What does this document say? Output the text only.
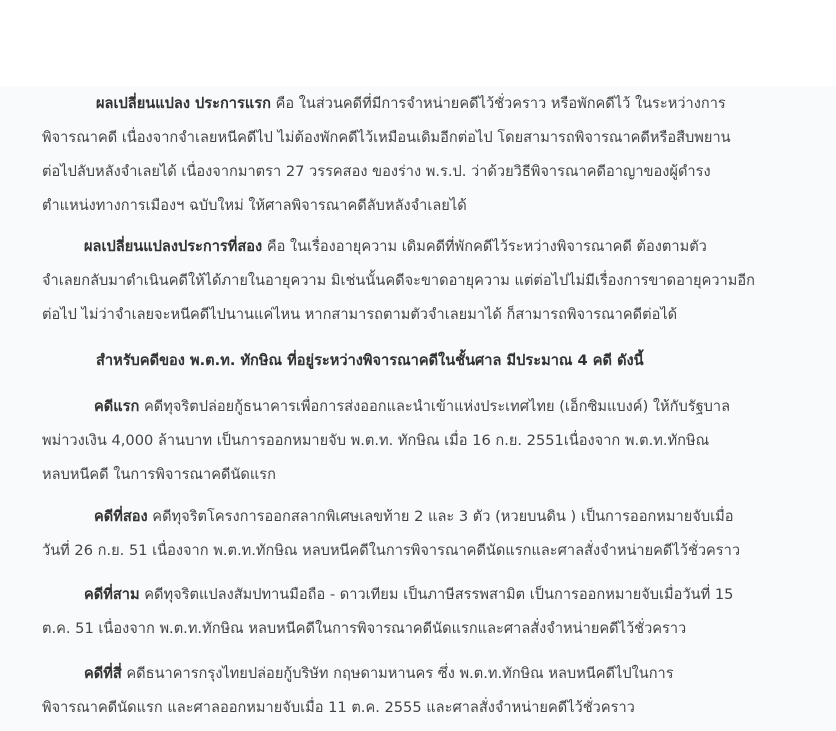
ผลเปลี่ยนแปลง ประการแรก คือ ในส่วนคดีที่มีการจำหน่ายคดีไว้ชั่วคราว หรือพักคดีไว้ ในระหว่างการ
พิจารณาคดี เนื่องจากจำเลยหนีคดีไป ไม่ต้องพักคดีไว้เหมือนเดิมอีกต่อไป โดยสามารถพิจารณาคดีหรือสืบพยาน
ต่อไปลับหลังจำเลยได้ เนื่องจากมาตรา 27 วรรคสอง ของร่าง พ.ร.ป. ว่าด้วยวิธีพิจารณาคดีอาญาของผู้ดำรง
ตำแหน่งทางการเมืองฯ ฉบับใหม่ ให้ศาลพิจารณาคดีลับหลังจำเลยได้
ผลเปลี่ยนแปลงประการที่สอง คือ ในเรื่องอายุความ เดิมคดีที่พักคดีไว้ระหว่างพิจารณาคดี ต้องตามตัว
จำเลยกลับมาดำเนินคดีให้ได้ภายในอายุความ มิเช่นนั้นคดีจะขาดอายุความ แต่ต่อไปไม่มีเรื่องการขาดอายุความอีก
ต่อไป ไม่ว่าจำเลยจะหนีคดีไปนานแค่ไหน หากสามารถตามตัวจำเลยมาได้ ก็สามารถพิจารณาคดีต่อได้
สำหรับคดีของ พ.ต.ท. ทักษิณ ที่อยู่ระหว่างพิจารณาคดีในชั้นศาล มีประมาณ 4 คดี ดังนี้
คดีแรก คดีทุจริตปล่อยกู้ธนาคารเพื่อการส่งออกและนำเข้าแห่งประเทศไทย (เอ็กซิมแบงค์) ให้กับรัฐบาล
พม่าวงเงิน 4,000 ล้านบาท เป็นการออกหมายจับ พ.ต.ท. ทักษิณ เมื่อ 16 ก.ย. 2551เนื่องจาก พ.ต.ท.ทักษิณ
หลบหนีคดี ในการพิจารณาคดีนัดแรก
คดีที่สอง คดีทุจริตโครงการออกสลากพิเศษเลขท้าย 2 และ 3 ตัว (หวยบนดิน ) เป็นการออกหมายจับเมื่อ
วันที่ 26 ก.ย. 51 เนื่องจาก พ.ต.ท.ทักษิณ หลบหนีคดีในการพิจารณาคดีนัดแรกและศาลสั่งจำหน่ายคดีไว้ชั่วคราว
คดีที่สาม คดีทุจริตแปลงสัมปทานมือถือ - ดาวเทียม เป็นภาษีสรรพสามิต เป็นการออกหมายจับเมื่อวันที่ 15
ต.ค. 51 เนื่องจาก พ.ต.ท.ทักษิณ หลบหนีคดีในการพิจารณาคดีนัดแรกและศาลสั่งจำหน่ายคดีไว้ชั่วคราว
คดีที่สี่ คดีธนาคารกรุงไทยปล่อยกู้บริษัท กฤษดามหานคร ซึ่ง พ.ต.ท.ทักษิณ หลบหนีคดีไปในการ
พิจารณาคดีนัดแรก และศาลออกหมายจับเมื่อ 11 ต.ค. 2555 และศาลสั่งจำหน่ายคดีไว้ชั่วคราว
